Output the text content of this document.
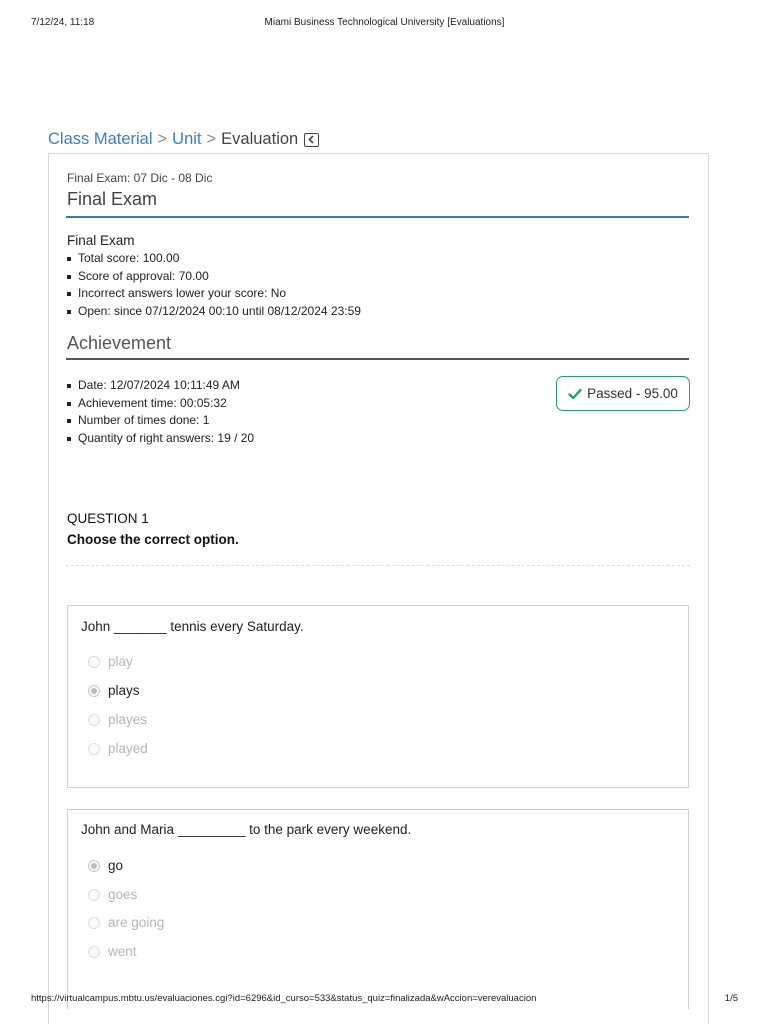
7/12/24, 11:18	Miami Business Technological University [Evaluations]
Class Material > Unit > Evaluation
Final Exam: 07 Dic - 08 Dic
Final Exam
Final Exam
Total score: 100.00
Score of approval: 70.00
Incorrect answers lower your score: No
Open: since 07/12/2024 00:10 until 08/12/2024 23:59
Achievement
Date: 12/07/2024 10:11:49 AM
Achievement time: 00:05:32
Number of times done: 1
Quantity of right answers: 19 / 20
Passed - 95.00
QUESTION 1
Choose the correct option.
John _______ tennis every Saturday.
play
plays
playes
played
John and Maria _________ to the park every weekend.
go
goes
are going
went
https://virtualcampus.mbtu.us/evaluaciones.cgi?id=6296&id_curso=533&status_quiz=finalizada&wAccion=verevaluacion	1/5
